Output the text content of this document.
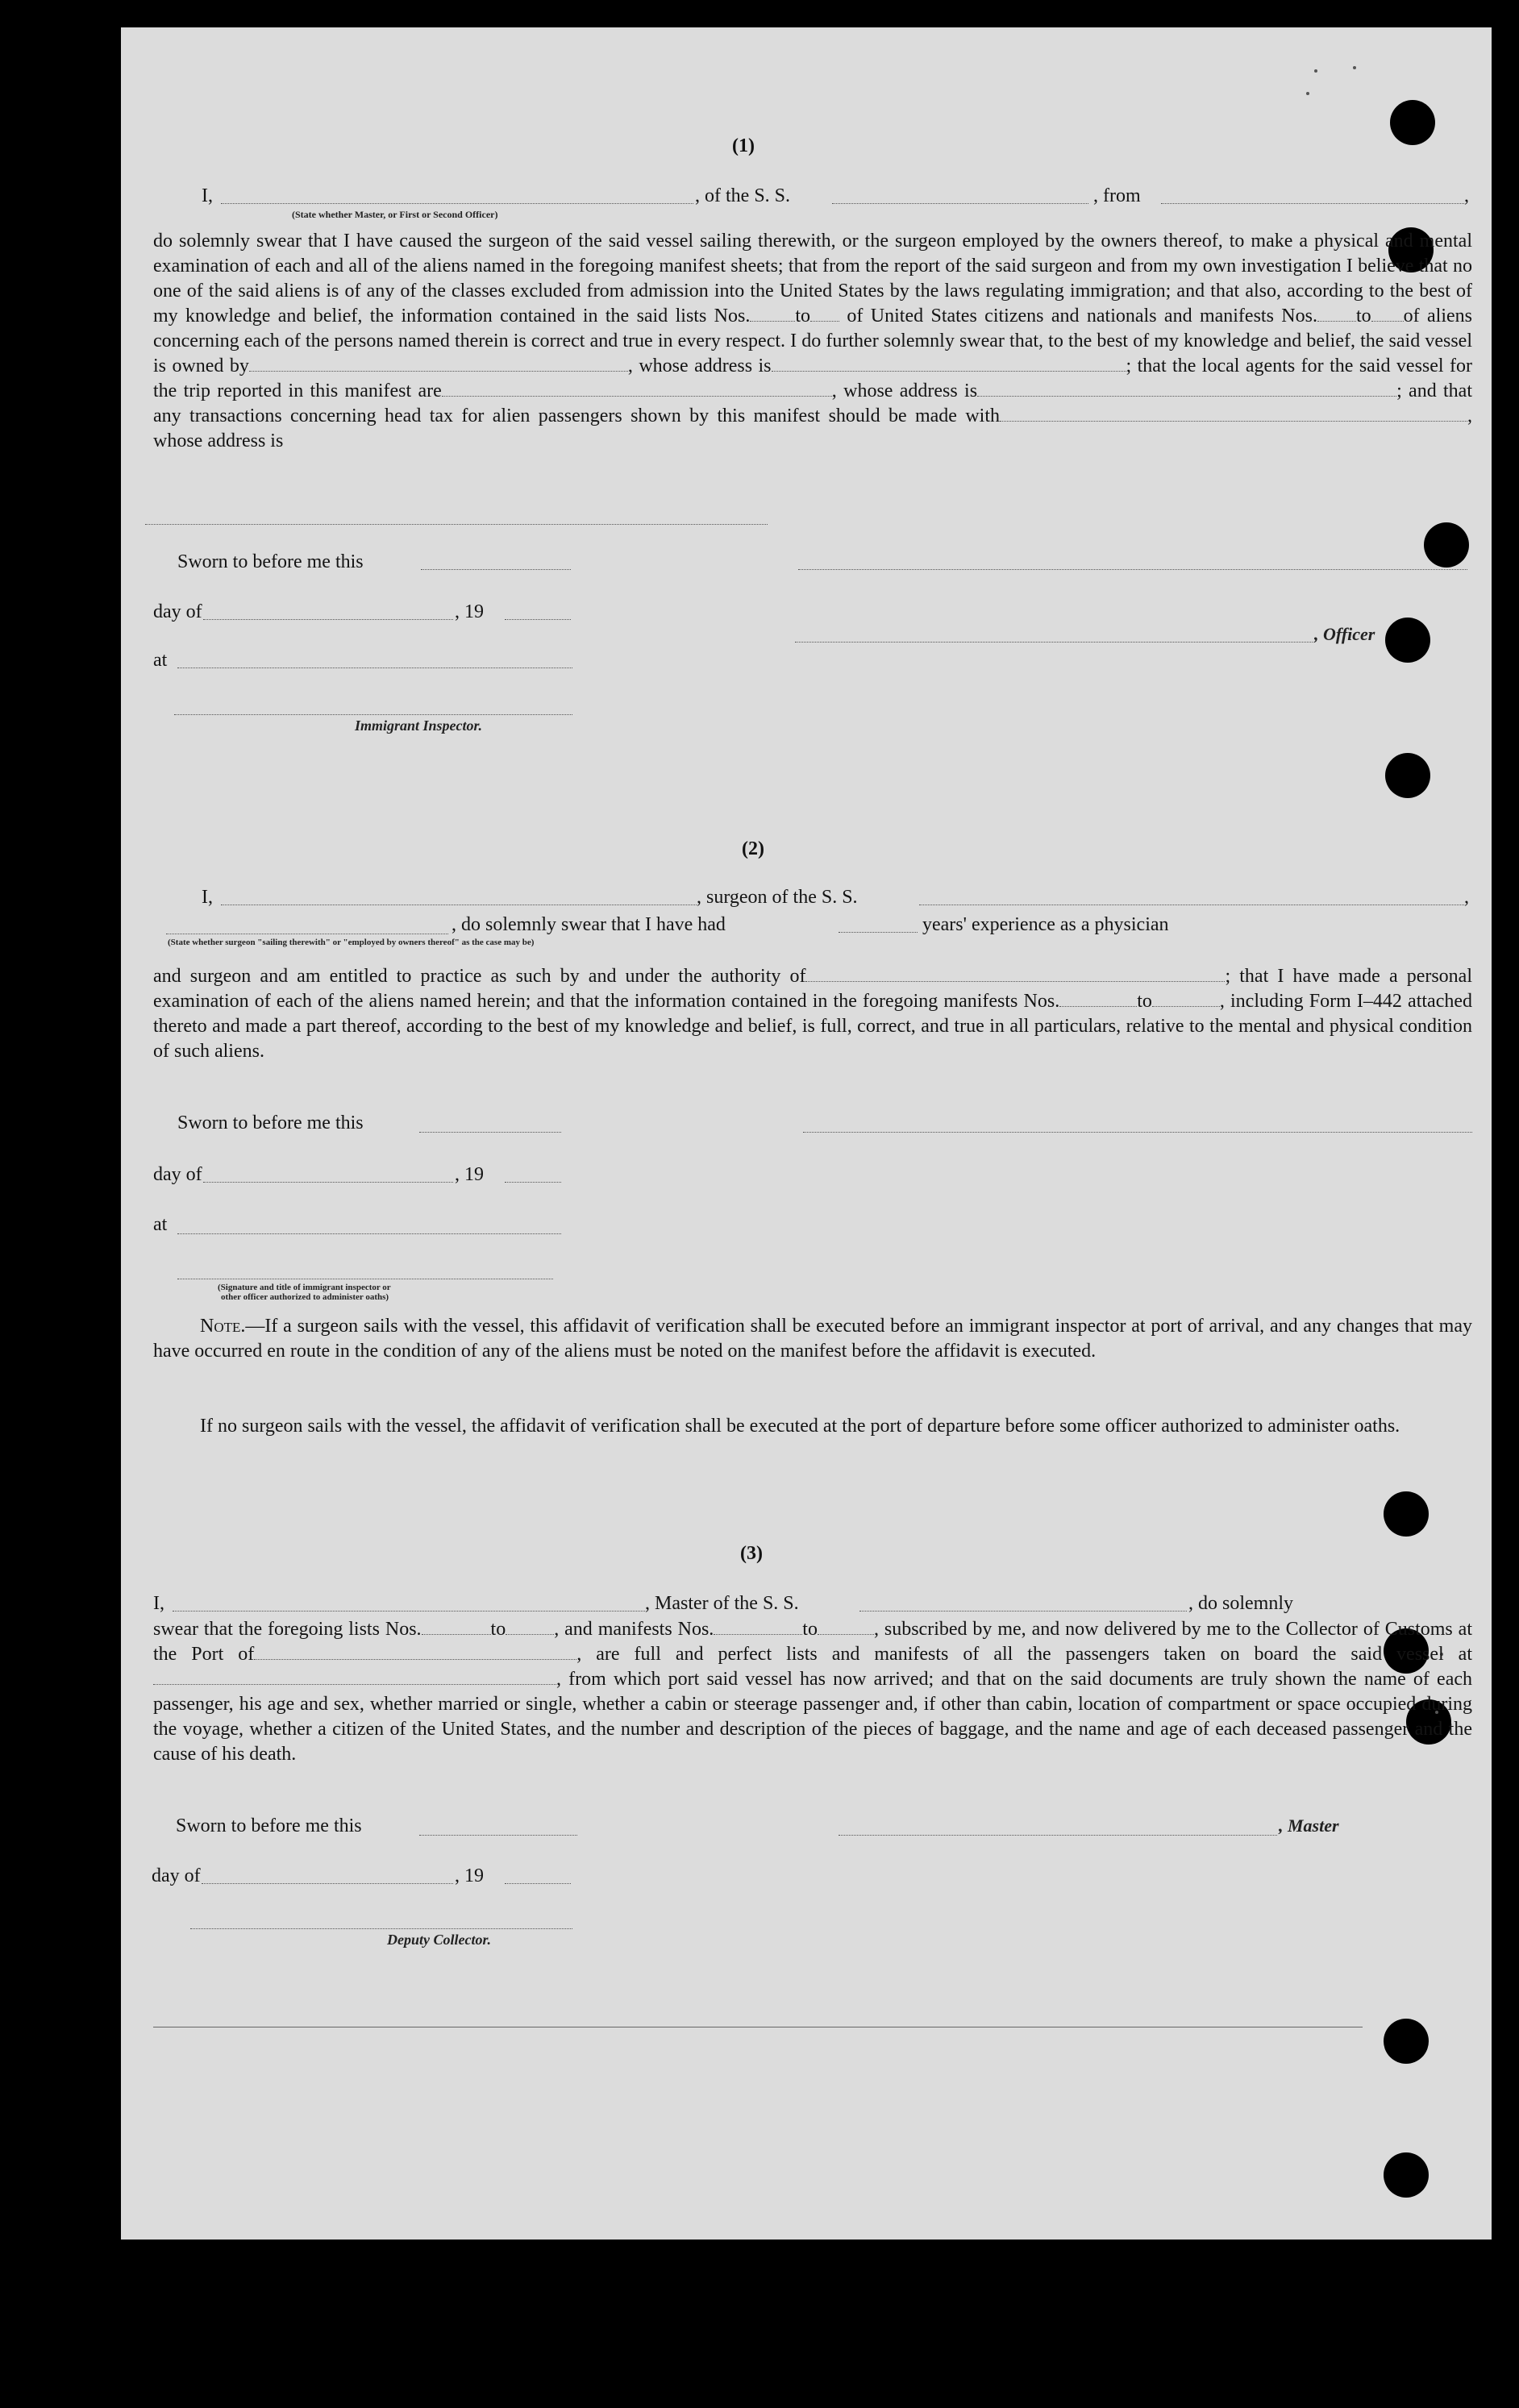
(1)
I,
(State whether Master, or First or Second Officer)
, of the S. S.	, from	,

do solemnly swear that I have caused the surgeon of the said vessel sailing therewith, or the surgeon employed by the owners thereof, to make a physical and mental examination of each and all of the aliens named in the foregoing manifest sheets; that from the report of the said surgeon and from my own investigation I believe that no one of the said aliens is of any of the classes excluded from admission into the United States by the laws regulating immigration; and that also, according to the best of my knowledge and belief, the information contained in the said lists Nos. to of United States citizens and nationals and manifests Nos. to of aliens concerning each of the persons named therein is correct and true in every respect. I do further solemnly swear that, to the best of my knowledge and belief, the said vessel is owned by	, whose address is	; that the local agents for the said vessel for the trip reported in this manifest are	, whose address is	; and that any transactions concerning head tax for alien passengers shown by this manifest should be made with	, whose address is

Sworn to before me this
day of	, 19
, Officer
at
Immigrant Inspector.
(2)
I,	, surgeon of the S. S.	,
, do solemnly swear that I have had	years' experience as a physician
(State whether surgeon "sailing therewith" or "employed by owners thereof" as the case may be)

and surgeon and am entitled to practice as such by and under the authority of	; that I have made a personal examination of each of the aliens named herein; and that the information contained in the foregoing manifests Nos.	to	, including Form I–442 attached thereto and made a part thereof, according to the best of my knowledge and belief, is full, correct, and true in all particulars, relative to the mental and physical condition of such aliens.

Sworn to before me this
day of	, 19
at
(Signature and title of immigrant inspector or
other officer authorized to administer oaths)

Note.—If a surgeon sails with the vessel, this affidavit of verification shall be executed before an immigrant inspector at port of arrival, and any changes that may have occurred en route in the condition of any of the aliens must be noted on the manifest before the affidavit is executed.

If no surgeon sails with the vessel, the affidavit of verification shall be executed at the port of departure before some officer authorized to administer oaths.

(3)
I,	, Master of the S. S.	, do solemnly

swear that the foregoing lists Nos.	to	, and manifests Nos.	to	, subscribed by me, and now delivered by me to the Collector of Customs at the Port of	, are full and perfect lists and manifests of all the passengers taken on board the said vessel at, from which port said vessel has now arrived; and that on the said documents are truly shown the name of each passenger, his age and sex, whether married or single, whether a cabin or steerage passenger and, if other than cabin, location of compartment or space occupied during the voyage, whether a citizen of the United States, and the number and description of the pieces of baggage, and the name and age of each deceased passenger and the cause of his death.

Sworn to before me this	, Master
day of	, 19
Deputy Collector.
